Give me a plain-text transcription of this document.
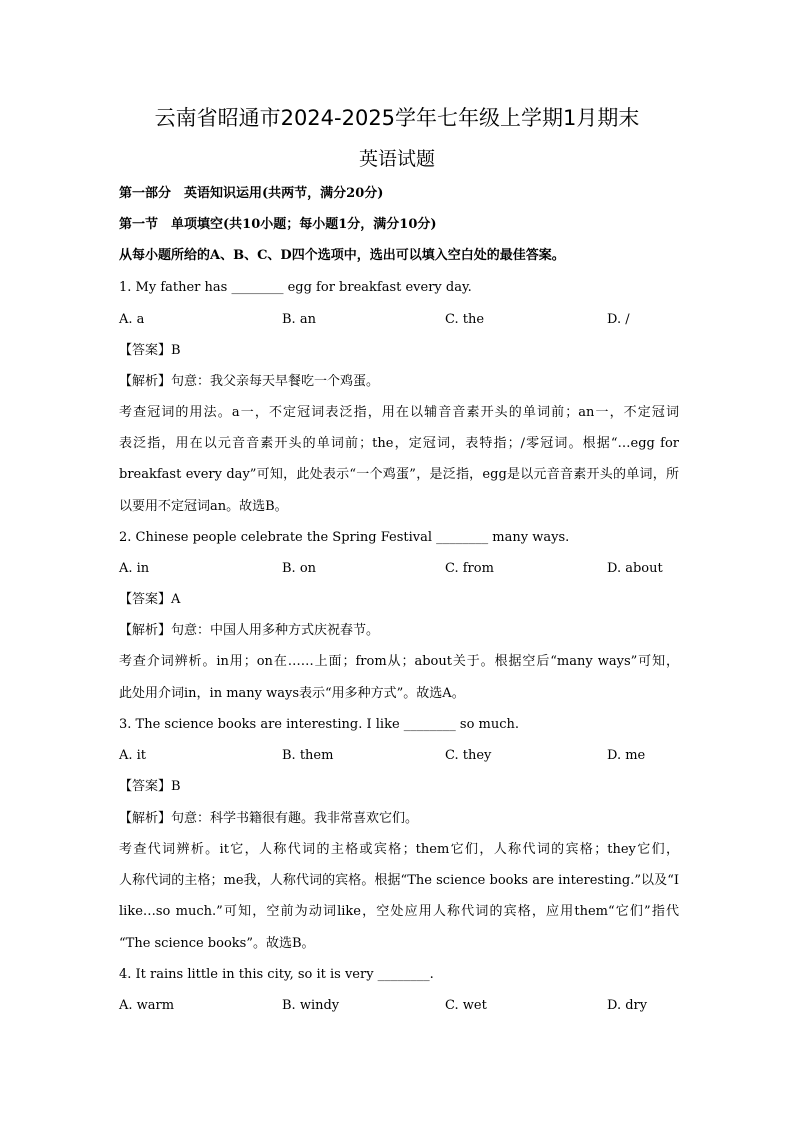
云南省昭通市2024-2025学年七年级上学期1月期末
英语试题
第一部分　英语知识运用(共两节，满分20分)
第一节　单项填空(共10小题；每小题1分，满分10分)
从每小题所给的A、B、C、D四个选项中，选出可以填入空白处的最佳答案。
1. My father has ________ egg for breakfast every day.
A. a	B. an	C. the	D. /
【答案】B
【解析】句意：我父亲每天早餐吃一个鸡蛋。
考查冠词的用法。a一，不定冠词表泛指，用在以辅音音素开头的单词前；an一，不定冠词
表泛指，用在以元音音素开头的单词前；the，定冠词，表特指；/零冠词。根据“…egg for
breakfast every day”可知，此处表示“一个鸡蛋”，是泛指，egg是以元音音素开头的单词，所
以要用不定冠词an。故选B。
2. Chinese people celebrate the Spring Festival ________ many ways.
A. in	B. on	C. from	D. about
【答案】A
【解析】句意：中国人用多种方式庆祝春节。
考查介词辨析。in用；on在……上面；from从；about关于。根据空后“many ways”可知，
此处用介词in，in many ways表示“用多种方式”。故选A。
3. The science books are interesting. I like ________ so much.
A. it	B. them	C. they	D. me
【答案】B
【解析】句意：科学书籍很有趣。我非常喜欢它们。
考查代词辨析。it它，人称代词的主格或宾格；them它们，人称代词的宾格；they它们，
人称代词的主格；me我，人称代词的宾格。根据“The science books are interesting.”以及“I
like…so much.”可知，空前为动词like，空处应用人称代词的宾格，应用them“它们”指代
“The science books”。故选B。
4. It rains little in this city, so it is very ________.
A. warm	B. windy	C. wet	D. dry
